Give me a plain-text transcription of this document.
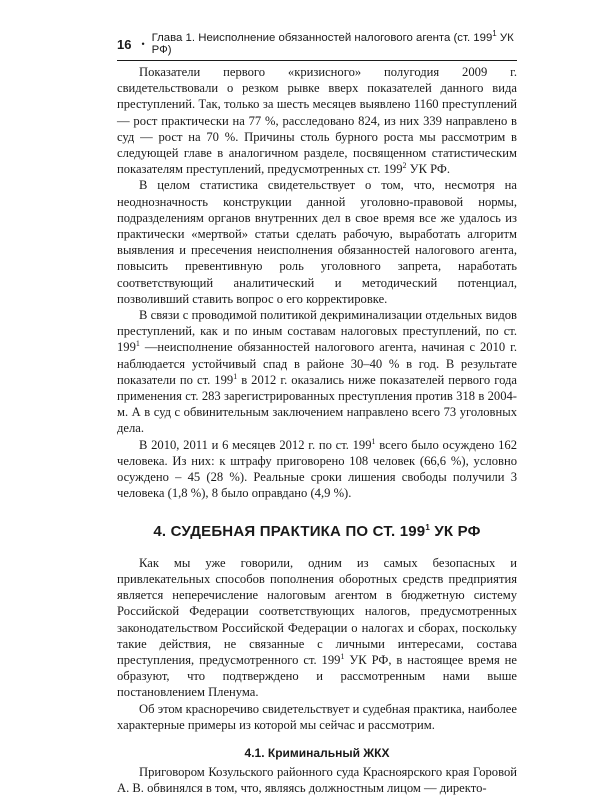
16 • Глава 1. Неисполнение обязанностей налогового агента (ст. $199^1$ УК РФ)

Показатели первого «кризисного» полугодия 2009 г. свидетельствовали о резком рывке вверх показателей данного вида преступлений. Так, только за шесть месяцев выявлено 1160 преступлений — рост практически на 77 %, расследовано 824, из них 339 направлено в суд — рост на 70 %. Причины столь бурного роста мы рассмотрим в следующей главе в аналогичном разделе, посвященном статистическим показателям преступлений, предусмотренных ст. $199^2$ УК РФ.

В целом статистика свидетельствует о том, что, несмотря на неоднозначность конструкции данной уголовно-правовой нормы, подразделениям органов внутренних дел в свое время все же удалось из практически «мертвой» статьи сделать рабочую, выработать алгоритм выявления и пресечения неисполнения обязанностей налогового агента, повысить превентивную роль уголовного запрета, наработать соответствующий аналитический и методический потенциал, позволивший ставить вопрос о его корректировке.

В связи с проводимой политикой декриминализации отдельных видов преступлений, как и по иным составам налоговых преступлений, по ст. $199^1$ —неисполнение обязанностей налогового агента, начиная с 2010 г. наблюдается устойчивый спад в районе 30–40 % в год. В результате показатели по ст. $199^1$ в 2012 г. оказались ниже показателей первого года применения ст. 283 зарегистрированных преступления против 318 в 2004-м. А в суд с обвинительным заключением направлено всего 73 уголовных дела.

В 2010, 2011 и 6 месяцев 2012 г. по ст. $199^1$ всего было осуждено 162 человека. Из них: к штрафу приговорено 108 человек (66,6 %), условно осуждено – 45 (28 %). Реальные сроки лишения свободы получили 3 человека (1,8 %), 8 было оправдано (4,9 %).

4. СУДЕБНАЯ ПРАКТИКА ПО СТ. $199^1$ УК РФ

Как мы уже говорили, одним из самых безопасных и привлекательных способов пополнения оборотных средств предприятия является неперечисление налоговым агентом в бюджетную систему Российской Федерации соответствующих налогов, предусмотренных законодательством Российской Федерации о налогах и сборах, поскольку такие действия, не связанные с личными интересами, состава преступления, предусмотренного ст. $199^1$ УК РФ, в настоящее время не образуют, что подтверждено и рассмотренным нами выше постановлением Пленума.

Об этом красноречиво свидетельствует и судебная практика, наиболее характерные примеры из которой мы сейчас и рассмотрим.

4.1. Криминальный ЖКХ

Приговором Козульского районного суда Красноярского края Горовой А. В. обвинялся в том, что, являясь должностным лицом — директо-
